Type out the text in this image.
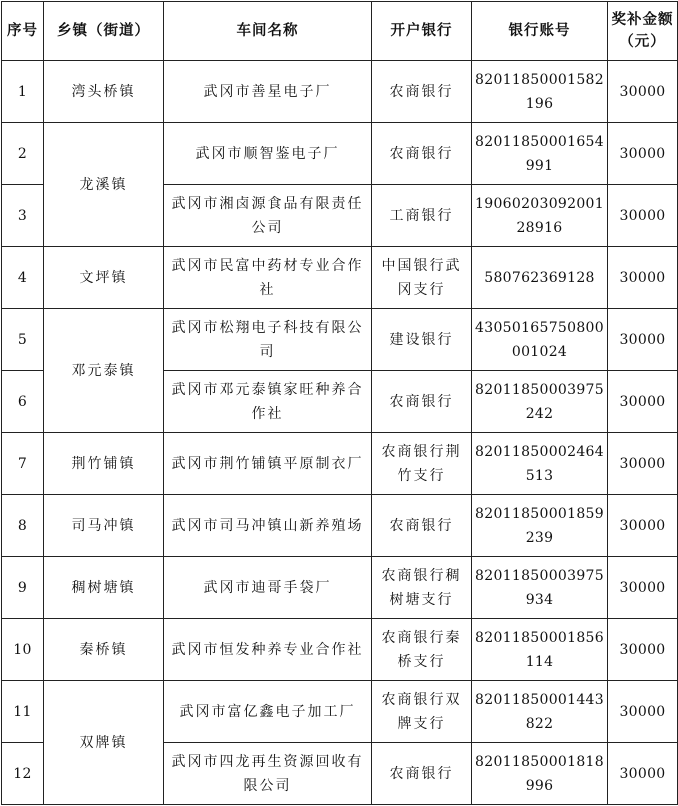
序号	乡镇（街道）	车间名称	开户银行	银行账号	奖补金额（元）
1	湾头桥镇	武冈市善星电子厂	农商银行	82011850001582196	30000
2	龙溪镇	武冈市顺智鉴电子厂	农商银行	82011850001654991	30000
3		武冈市湘卤源食品有限责任公司	工商银行	1906020309200128916	30000
4	文坪镇	武冈市民富中药材专业合作社	中国银行武冈支行	580762369128	30000
5	邓元泰镇	武冈市松翔电子科技有限公司	建设银行	43050165750800001024	30000
6		武冈市邓元泰镇家旺种养合作社	农商银行	82011850003975242	30000
7	荆竹铺镇	武冈市荆竹铺镇平原制衣厂	农商银行荆竹支行	82011850002464513	30000
8	司马冲镇	武冈市司马冲镇山新养殖场	农商银行	82011850001859239	30000
9	稠树塘镇	武冈市迪哥手袋厂	农商银行稠树塘支行	82011850003975934	30000
10	秦桥镇	武冈市恒发种养专业合作社	农商银行秦桥支行	82011850001856114	30000
11	双牌镇	武冈市富亿鑫电子加工厂	农商银行双牌支行	82011850001443822	30000
12		武冈市四龙再生资源回收有限公司	农商银行	82011850001818996	30000
